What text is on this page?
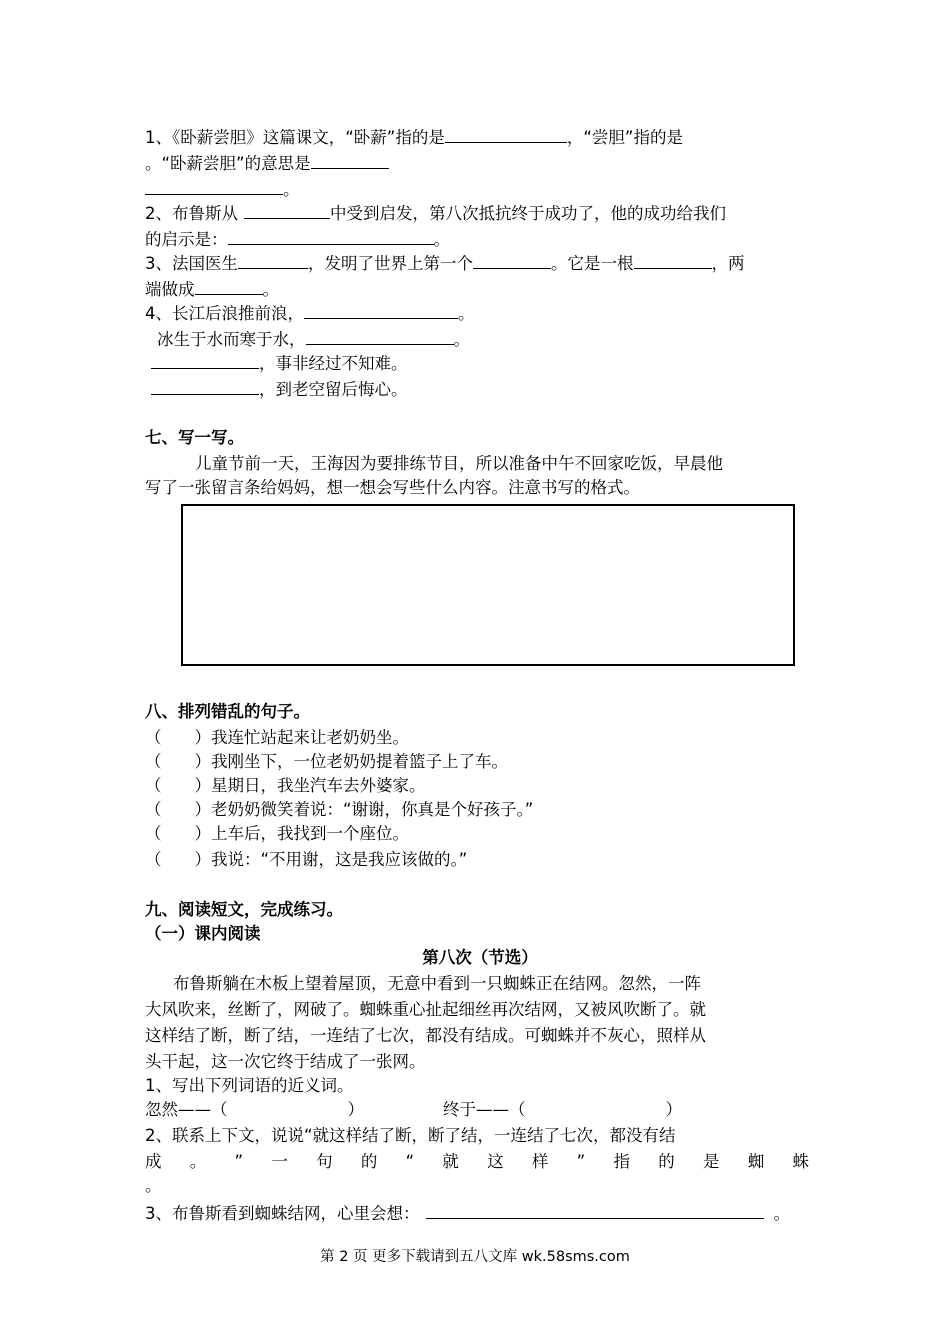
1、《卧薪尝胆》这篇课文，“卧薪”指的是	，“尝胆”指的是
。“卧薪尝胆”的意思是
。
2、布鲁斯从	中受到启发，第八次抵抗终于成功了，他的成功给我们
的启示是：	。
3、法国医生	，发明了世界上第一个	。它是一根	，两
端做成	。
4、长江后浪推前浪，	。
冰生于水而寒于水，	。
，事非经过不知难。
，到老空留后悔心。
七、写一写。
儿童节前一天，王海因为要排练节目，所以准备中午不回家吃饭，早晨他
写了一张留言条给妈妈，想一想会写些什么内容。注意书写的格式。
八、排列错乱的句子。
（　　）我连忙站起来让老奶奶坐。
（　　）我刚坐下，一位老奶奶提着篮子上了车。
（　　）星期日，我坐汽车去外婆家。
（　　）老奶奶微笑着说：“谢谢，你真是个好孩子。”
（　　）上车后，我找到一个座位。
（　　）我说：“不用谢，这是我应该做的。”
九、阅读短文，完成练习。
（一）课内阅读
第八次（节选）
布鲁斯躺在木板上望着屋顶，无意中看到一只蜘蛛正在结网。忽然，一阵
大风吹来，丝断了，网破了。蜘蛛重心扯起细丝再次结网，又被风吹断了。就
这样结了断，断了结，一连结了七次，都没有结成。可蜘蛛并不灰心，照样从
头干起，这一次它终于结成了一张网。
1、写出下列词语的近义词。
忽然——（	）	终于——（	）
2、联系上下文，说说“就这样结了断，断了结，一连结了七次，都没有结
成 。 ” 一 句 的 “ 就 这 样 ” 指 的 是 蜘 蛛
。
3、布鲁斯看到蜘蛛结网，心里会想：	。
第 2 页 更多下载请到五八文库 wk.58sms.com
